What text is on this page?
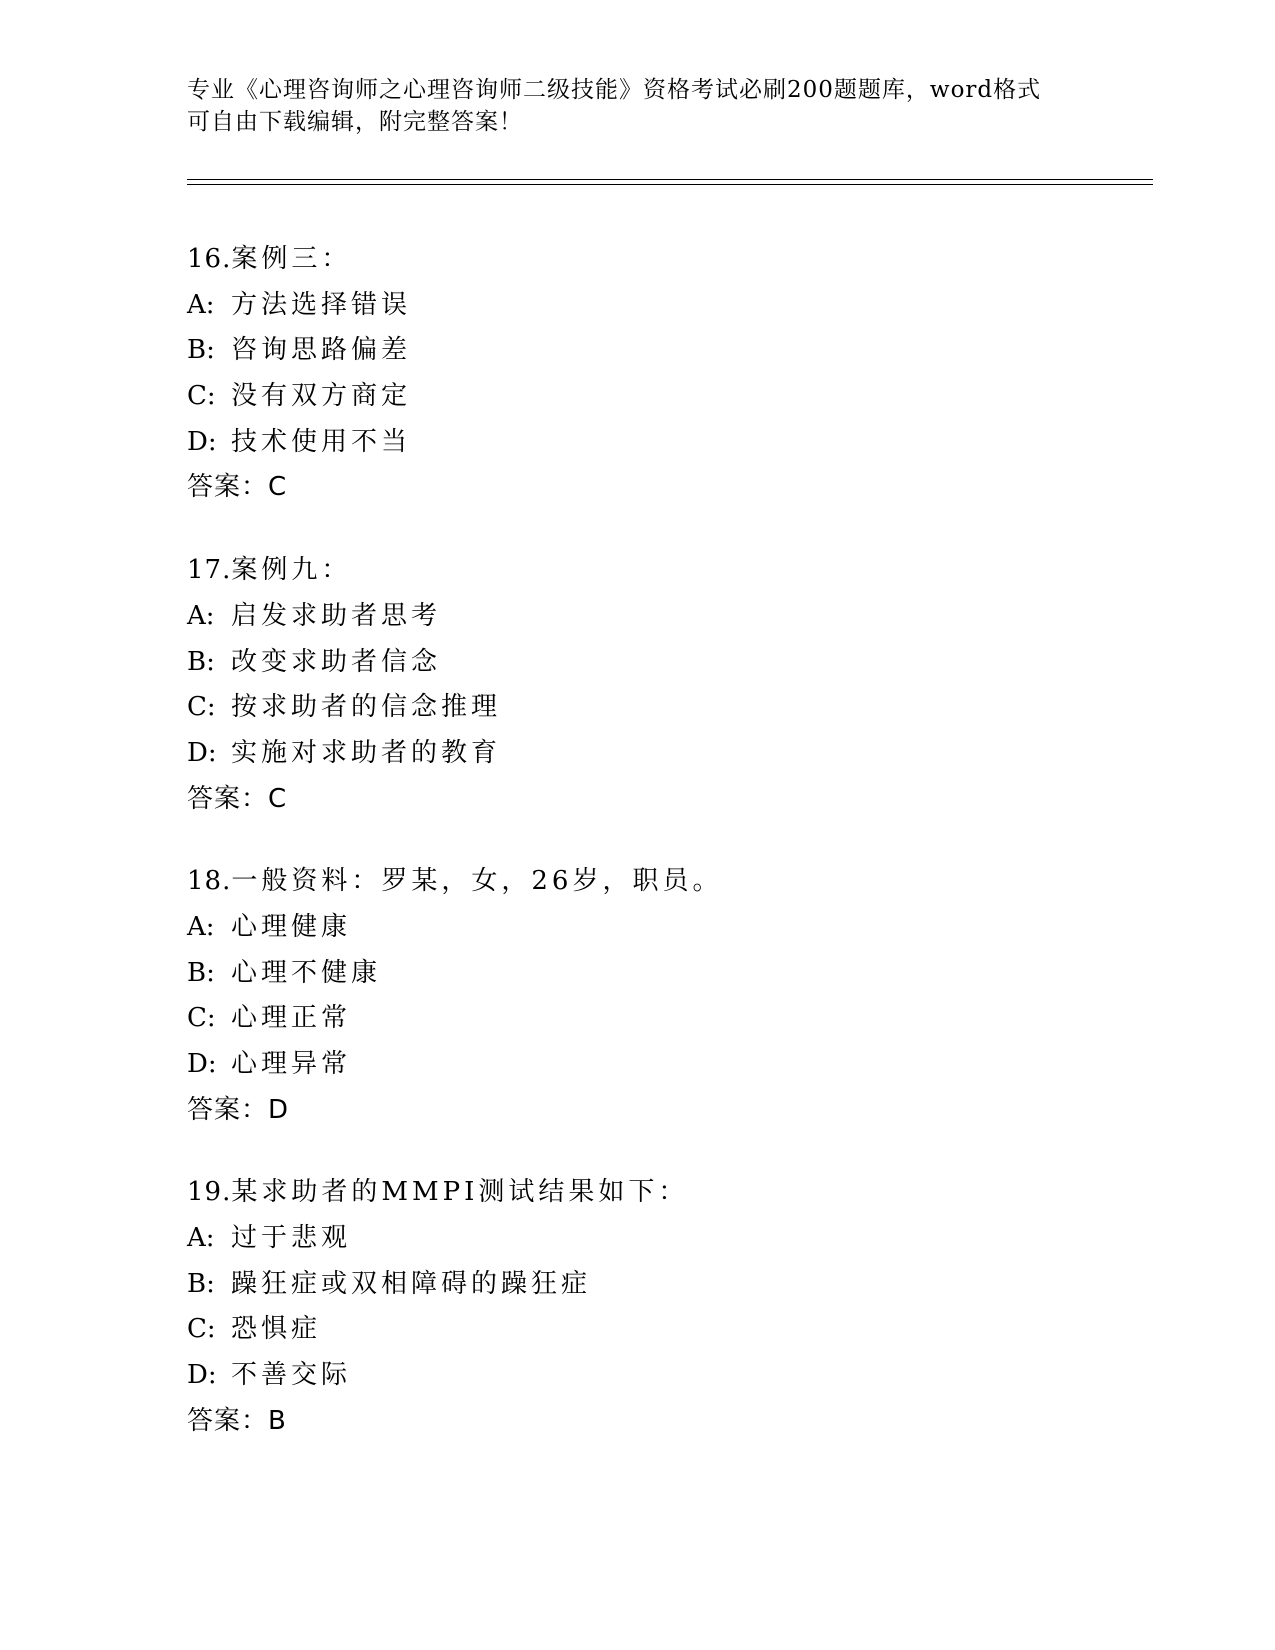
专业《心理咨询师之心理咨询师二级技能》资格考试必刷200题题库，word格式
可自由下载编辑，附完整答案！
16.案例三：
A: 方法选择错误
B: 咨询思路偏差
C: 没有双方商定
D: 技术使用不当
答案：C
17.案例九：
A: 启发求助者思考
B: 改变求助者信念
C: 按求助者的信念推理
D: 实施对求助者的教育
答案：C
18.一般资料：罗某，女，26岁，职员。
A: 心理健康
B: 心理不健康
C: 心理正常
D: 心理异常
答案：D
19.某求助者的MMPI测试结果如下：
A: 过于悲观
B: 躁狂症或双相障碍的躁狂症
C: 恐惧症
D: 不善交际
答案：B
